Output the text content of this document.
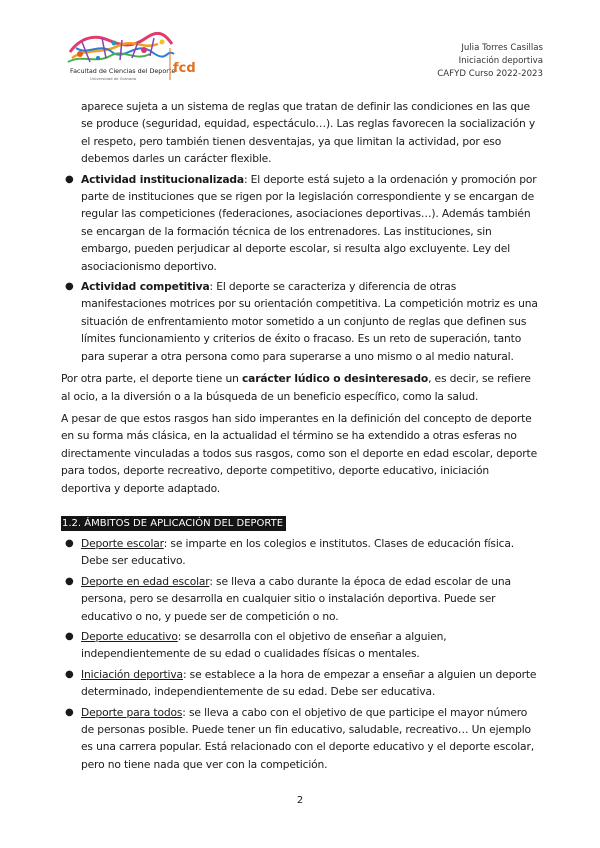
Facultad de Ciencias del Deporte
Universidad de Granada
fcd
Julia Torres Casillas
Iniciación deportiva
CAFYD Curso 2022-2023
aparece sujeta a un sistema de reglas que tratan de definir las condiciones en las que se produce (seguridad, equidad, espectáculo…). Las reglas favorecen la socialización y el respeto, pero también tienen desventajas, ya que limitan la actividad, por eso debemos darles un carácter flexible.
● Actividad institucionalizada: El deporte está sujeto a la ordenación y promoción por parte de instituciones que se rigen por la legislación correspondiente y se encargan de regular las competiciones (federaciones, asociaciones deportivas…). Además también se encargan de la formación técnica de los entrenadores. Las instituciones, sin embargo, pueden perjudicar al deporte escolar, si resulta algo excluyente. Ley del asociacionismo deportivo.
● Actividad competitiva: El deporte se caracteriza y diferencia de otras manifestaciones motrices por su orientación competitiva. La competición motriz es una situación de enfrentamiento motor sometido a un conjunto de reglas que definen sus límites funcionamiento y criterios de éxito o fracaso. Es un reto de superación, tanto para superar a otra persona como para superarse a uno mismo o al medio natural.
Por otra parte, el deporte tiene un carácter lúdico o desinteresado, es decir, se refiere al ocio, a la diversión o a la búsqueda de un beneficio específico, como la salud.
A pesar de que estos rasgos han sido imperantes en la definición del concepto de deporte en su forma más clásica, en la actualidad el término se ha extendido a otras esferas no directamente vinculadas a todos sus rasgos, como son el deporte en edad escolar, deporte para todos, deporte recreativo, deporte competitivo, deporte educativo, iniciación deportiva y deporte adaptado.
1.2. ÁMBITOS DE APLICACIÓN DEL DEPORTE
● Deporte escolar: se imparte en los colegios e institutos. Clases de educación física. Debe ser educativo.
● Deporte en edad escolar: se lleva a cabo durante la época de edad escolar de una persona, pero se desarrolla en cualquier sitio o instalación deportiva. Puede ser educativo o no, y puede ser de competición o no.
● Deporte educativo: se desarrolla con el objetivo de enseñar a alguien, independientemente de su edad o cualidades físicas o mentales.
● Iniciación deportiva: se establece a la hora de empezar a enseñar a alguien un deporte determinado, independientemente de su edad. Debe ser educativa.
● Deporte para todos: se lleva a cabo con el objetivo de que participe el mayor número de personas posible. Puede tener un fin educativo, saludable, recreativo… Un ejemplo es una carrera popular. Está relacionado con el deporte educativo y el deporte escolar, pero no tiene nada que ver con la competición.
2
